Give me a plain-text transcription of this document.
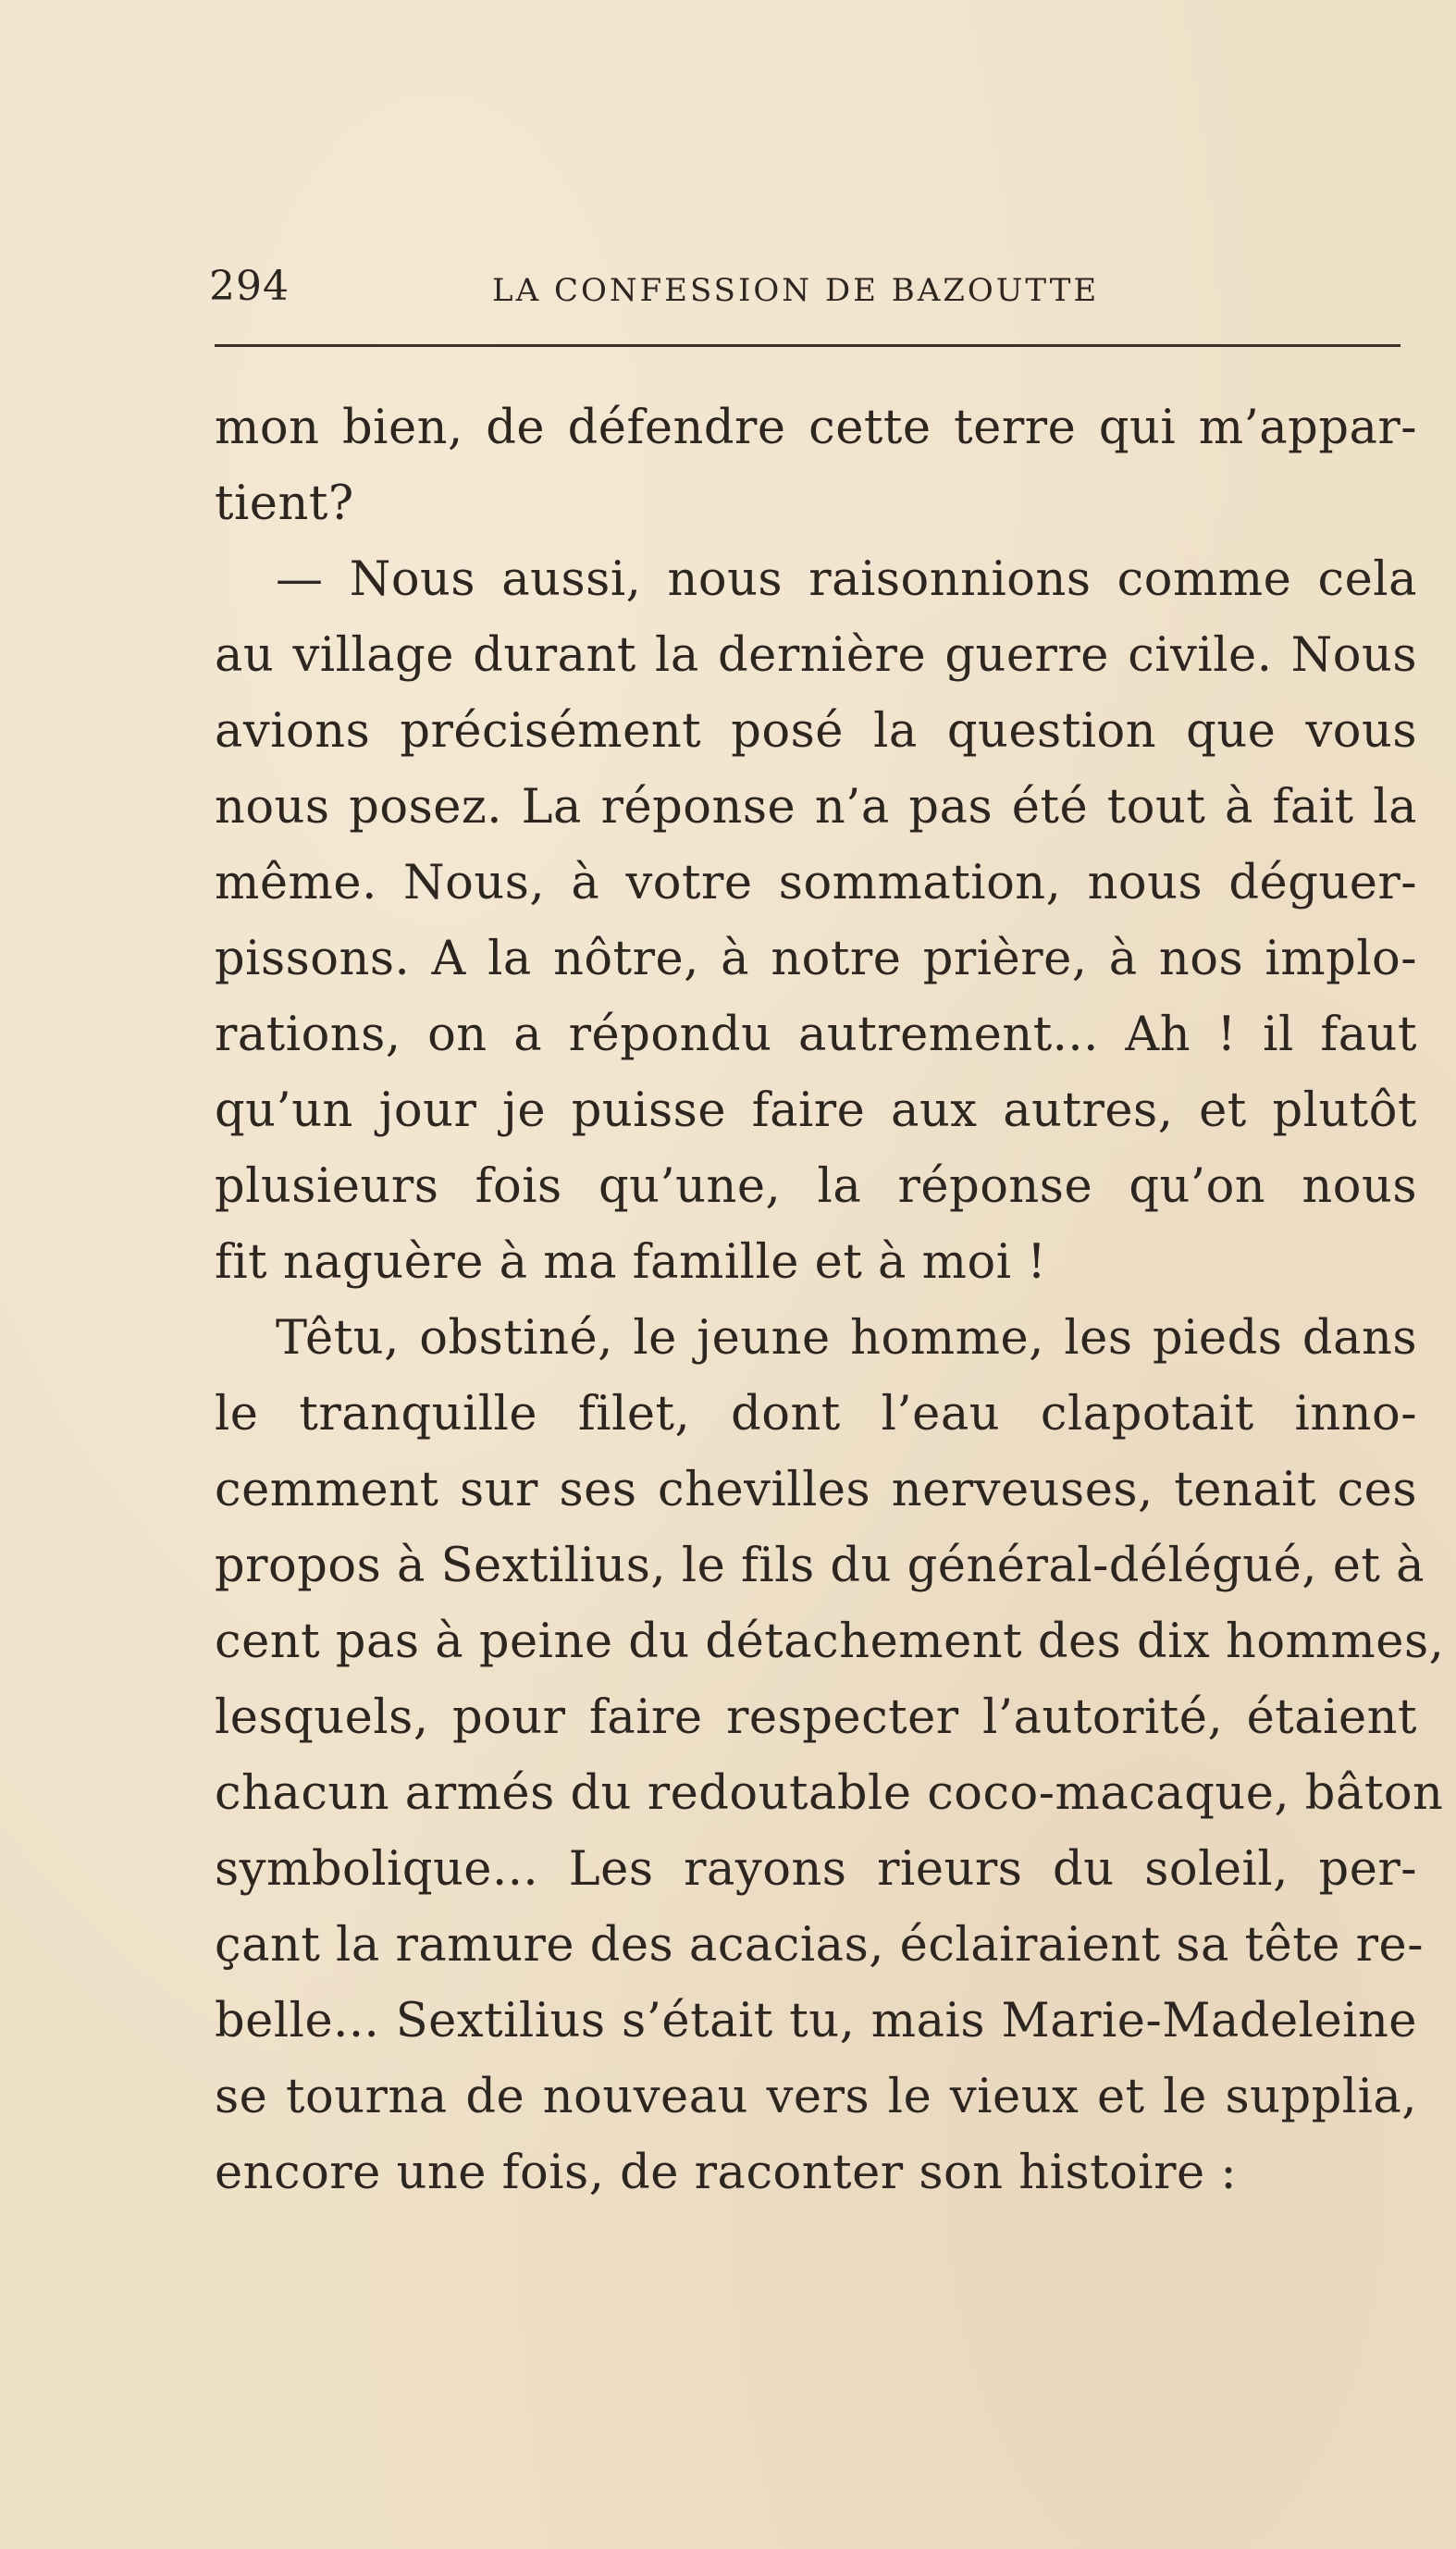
294	LA CONFESSION DE BAZOUTTE
mon bien, de défendre cette terre qui m’appar-
tient?
— Nous aussi, nous raisonnions comme cela
au village durant la dernière guerre civile. Nous
avions précisément posé la question que vous
nous posez. La réponse n’a pas été tout à fait la
même. Nous, à votre sommation, nous déguer-
pissons. A la nôtre, à notre prière, à nos implo-
rations, on a répondu autrement... Ah ! il faut
qu’un jour je puisse faire aux autres, et plutôt
plusieurs fois qu’une, la réponse qu’on nous
fit naguère à ma famille et à moi !
Têtu, obstiné, le jeune homme, les pieds dans
le tranquille filet, dont l’eau clapotait inno-
cemment sur ses chevilles nerveuses, tenait ces
propos à Sextilius, le fils du général-délégué, et à
cent pas à peine du détachement des dix hommes,
lesquels, pour faire respecter l’autorité, étaient
chacun armés du redoutable coco-macaque, bâton
symbolique... Les rayons rieurs du soleil, per-
çant la ramure des acacias, éclairaient sa tête re-
belle... Sextilius s’était tu, mais Marie-Madeleine
se tourna de nouveau vers le vieux et le supplia,
encore une fois, de raconter son histoire :
